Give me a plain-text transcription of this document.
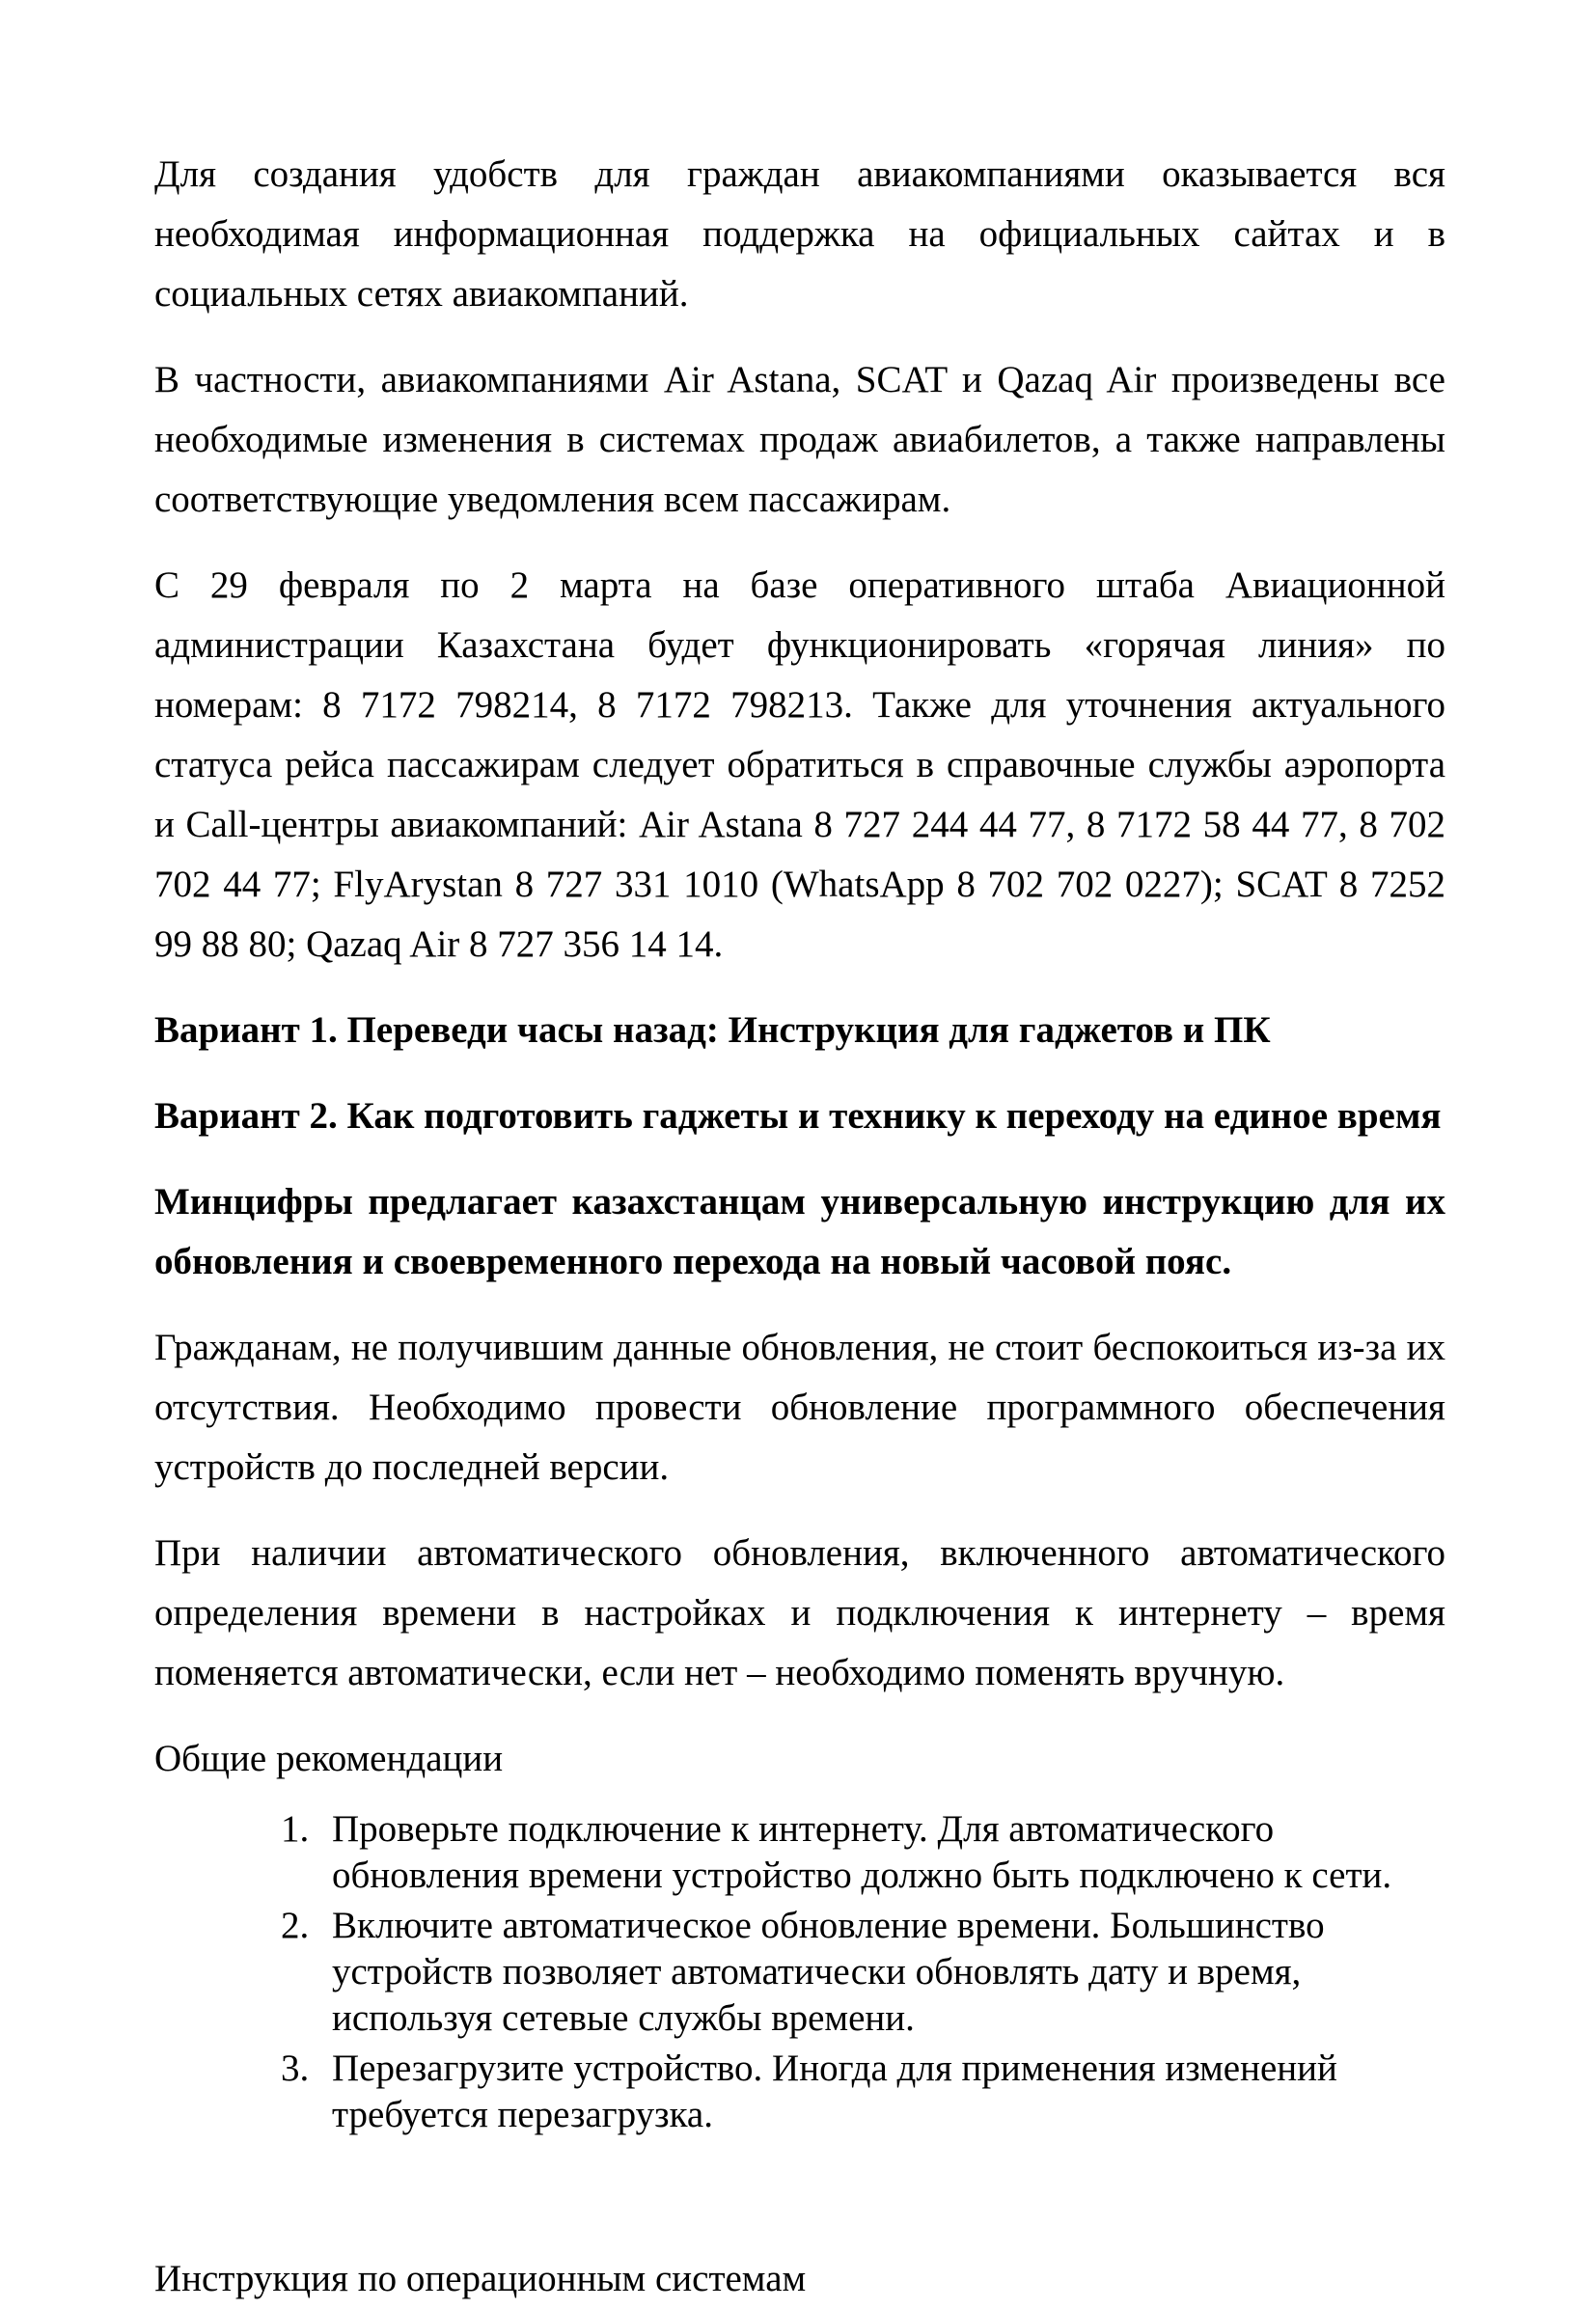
Для создания удобств для граждан авиакомпаниями оказывается вся необходимая информационная поддержка на официальных сайтах и в социальных сетях авиакомпаний.

В частности, авиакомпаниями Air Astana, SCAT и Qazaq Air произведены все необходимые изменения в системах продаж авиабилетов, а также направлены соответствующие уведомления всем пассажирам.

С 29 февраля по 2 марта на базе оперативного штаба Авиационной администрации Казахстана будет функционировать «горячая линия» по номерам: 8 7172 798214, 8 7172 798213. Также для уточнения актуального статуса рейса пассажирам следует обратиться в справочные службы аэропорта и Call-центры авиакомпаний: Air Astana 8 727 244 44 77, 8 7172 58 44 77, 8 702 702 44 77; FlyArystan 8 727 331 1010 (WhatsApp 8 702 702 0227); SCAT 8 7252 99 88 80; Qazaq Air 8 727 356 14 14.

Вариант 1. Переведи часы назад: Инструкция для гаджетов и ПК

Вариант 2. Как подготовить гаджеты и технику к переходу на единое время

Минцифры предлагает казахстанцам универсальную инструкцию для их обновления и своевременного перехода на новый часовой пояс.

Гражданам, не получившим данные обновления, не стоит беспокоиться из-за их отсутствия. Необходимо провести обновление программного обеспечения устройств до последней версии.

При наличии автоматического обновления, включенного автоматического определения времени в настройках и подключения к интернету – время поменяется автоматически, если нет – необходимо поменять вручную.

Общие рекомендации

1. Проверьте подключение к интернету. Для автоматического обновления времени устройство должно быть подключено к сети.
2. Включите автоматическое обновление времени. Большинство устройств позволяет автоматически обновлять дату и время, используя сетевые службы времени.
3. Перезагрузите устройство. Иногда для применения изменений требуется перезагрузка.

Инструкция по операционным системам
